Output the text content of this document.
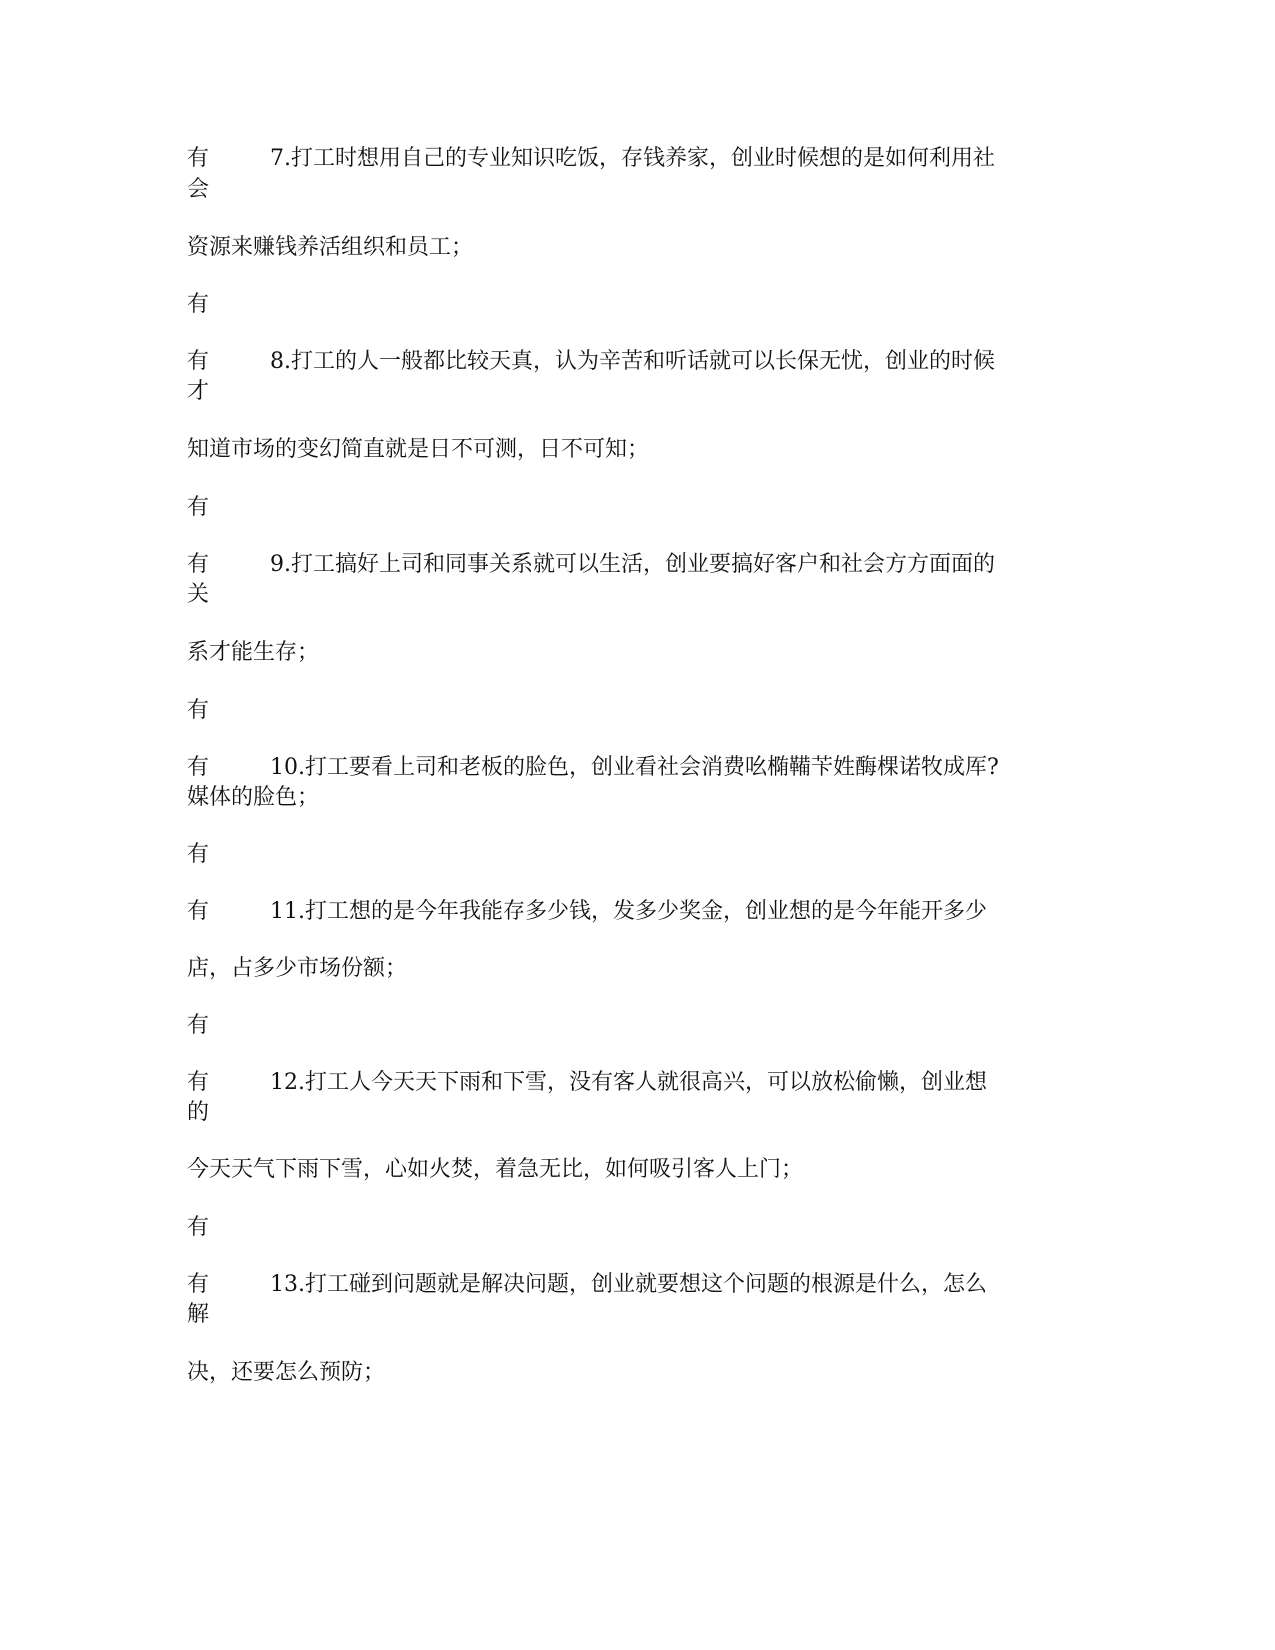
有	7.打工时想用自己的专业知识吃饭，存钱养家，创业时候想的是如何利用社
会
资源来赚钱养活组织和员工；
有
有	8.打工的人一般都比较天真，认为辛苦和听话就可以长保无忧，创业的时候
才
知道市场的变幻简直就是日不可测，日不可知；
有
有	9.打工搞好上司和同事关系就可以生活，创业要搞好客户和社会方方面面的
关
系才能生存；
有
有	10.打工要看上司和老板的脸色，创业看社会消费吆椭鞴苄姓酶棵诺牧成厍?
媒体的脸色；
有
有	11.打工想的是今年我能存多少钱，发多少奖金，创业想的是今年能开多少
店，占多少市场份额；
有
有	12.打工人今天天下雨和下雪，没有客人就很高兴，可以放松偷懒，创业想
的
今天天气下雨下雪，心如火焚，着急无比，如何吸引客人上门；
有
有	13.打工碰到问题就是解决问题，创业就要想这个问题的根源是什么，怎么
解
决，还要怎么预防；
